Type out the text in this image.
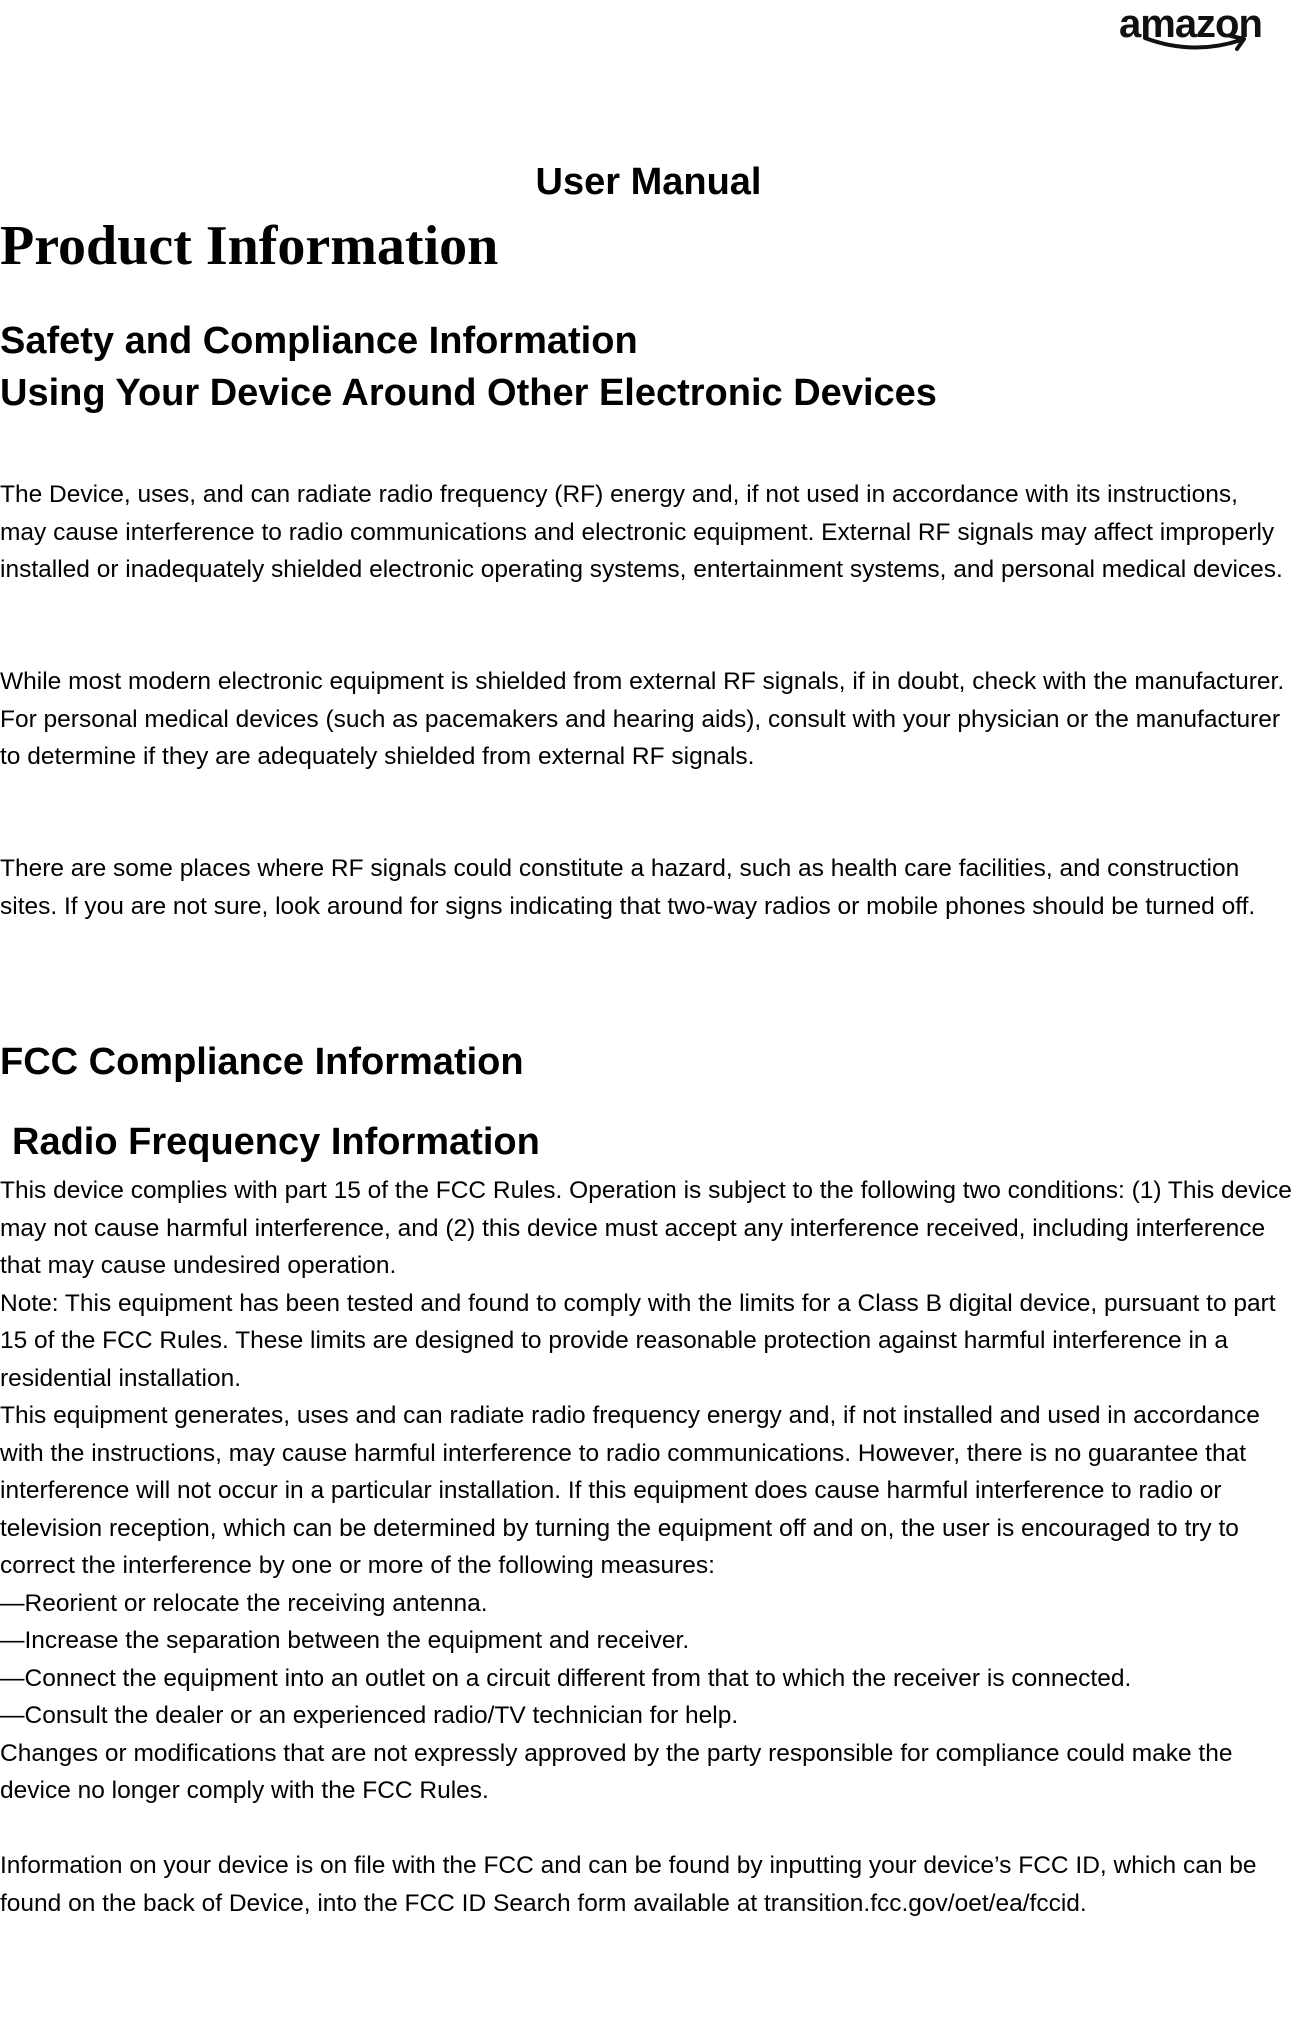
amazon
User Manual
Product Information
Safety and Compliance Information
Using Your Device Around Other Electronic Devices

The Device, uses, and can radiate radio frequency (RF) energy and, if not used in accordance with its instructions, may cause interference to radio communications and electronic equipment. External RF signals may affect improperly installed or inadequately shielded electronic operating systems, entertainment systems, and personal medical devices.

While most modern electronic equipment is shielded from external RF signals, if in doubt, check with the manufacturer. For personal medical devices (such as pacemakers and hearing aids), consult with your physician or the manufacturer to determine if they are adequately shielded from external RF signals.

There are some places where RF signals could constitute a hazard, such as health care facilities, and construction sites. If you are not sure, look around for signs indicating that two-way radios or mobile phones should be turned off.

FCC Compliance Information
Radio Frequency Information

This device complies with part 15 of the FCC Rules. Operation is subject to the following two conditions: (1) This device may not cause harmful interference, and (2) this device must accept any interference received, including interference that may cause undesired operation.

Note: This equipment has been tested and found to comply with the limits for a Class B digital device, pursuant to part 15 of the FCC Rules. These limits are designed to provide reasonable protection against harmful interference in a residential installation.

This equipment generates, uses and can radiate radio frequency energy and, if not installed and used in accordance with the instructions, may cause harmful interference to radio communications. However, there is no guarantee that interference will not occur in a particular installation. If this equipment does cause harmful interference to radio or television reception, which can be determined by turning the equipment off and on, the user is encouraged to try to correct the interference by one or more of the following measures:

—Reorient or relocate the receiving antenna.

—Increase the separation between the equipment and receiver.

—Connect the equipment into an outlet on a circuit different from that to which the receiver is connected.

—Consult the dealer or an experienced radio/TV technician for help.

Changes or modifications that are not expressly approved by the party responsible for compliance could make the device no longer comply with the FCC Rules.

Information on your device is on file with the FCC and can be found by inputting your device’s FCC ID, which can be found on the back of Device, into the FCC ID Search form available at transition.fcc.gov/oet/ea/fccid.
